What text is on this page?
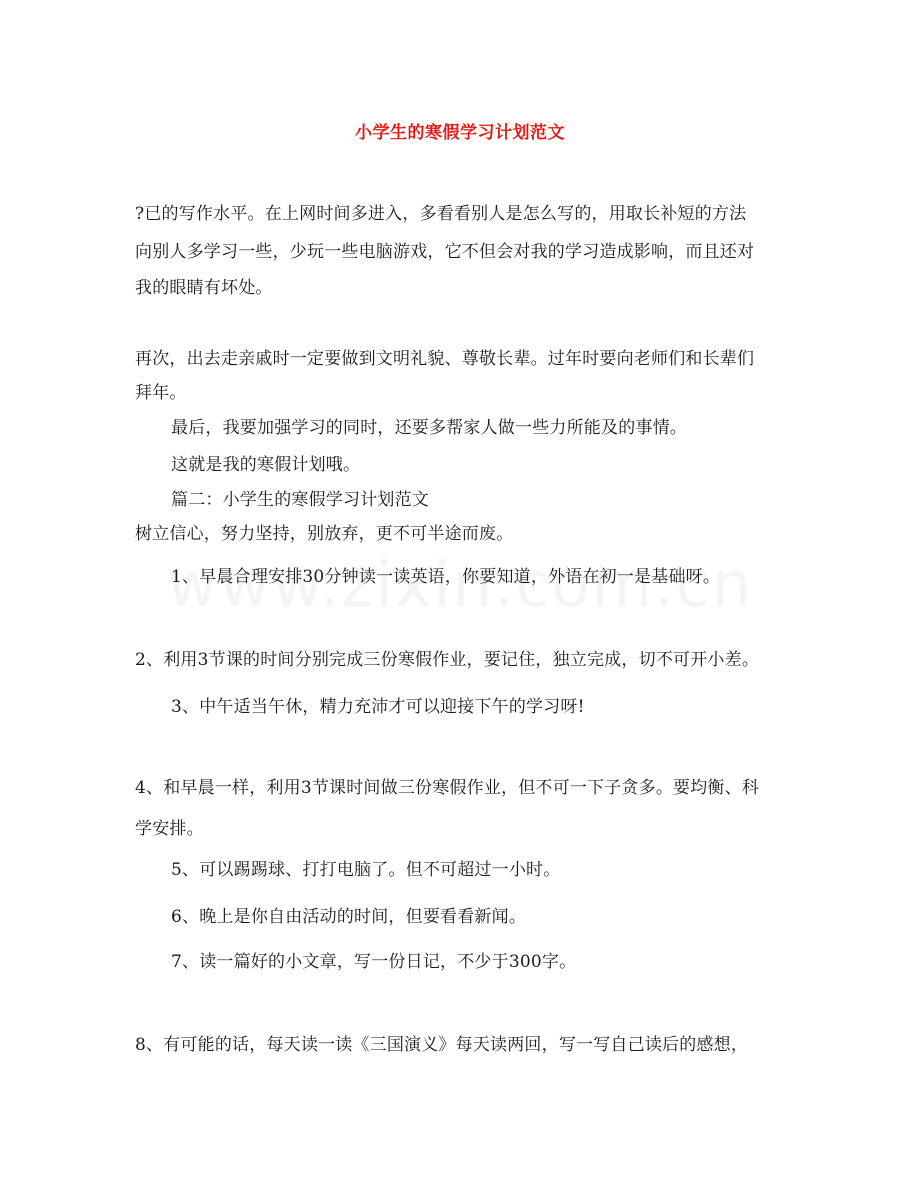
小学生的寒假学习计划范文
?已的写作水平。在上网时间多进入，多看看别人是怎么写的，用取长补短的方法
向别人多学习一些，少玩一些电脑游戏，它不但会对我的学习造成影响，而且还对
我的眼睛有坏处。
再次，出去走亲戚时一定要做到文明礼貌、尊敬长辈。过年时要向老师们和长辈们
拜年。
最后，我要加强学习的同时，还要多帮家人做一些力所能及的事情。
这就是我的寒假计划哦。
篇二：小学生的寒假学习计划范文
树立信心，努力坚持，别放弃，更不可半途而废。
1、早晨合理安排30分钟读一读英语，你要知道，外语在初一是基础呀。
2、利用3节课的时间分别完成三份寒假作业，要记住，独立完成，切不可开小差。
3、中午适当午休，精力充沛才可以迎接下午的学习呀!
4、和早晨一样，利用3节课时间做三份寒假作业，但不可一下子贪多。要均衡、科
学安排。
5、可以踢踢球、打打电脑了。但不可超过一小时。
6、晚上是你自由活动的时间，但要看看新闻。
7、读一篇好的小文章，写一份日记，不少于300字。
8、有可能的话，每天读一读《三国演义》每天读两回，写一写自己读后的感想，
